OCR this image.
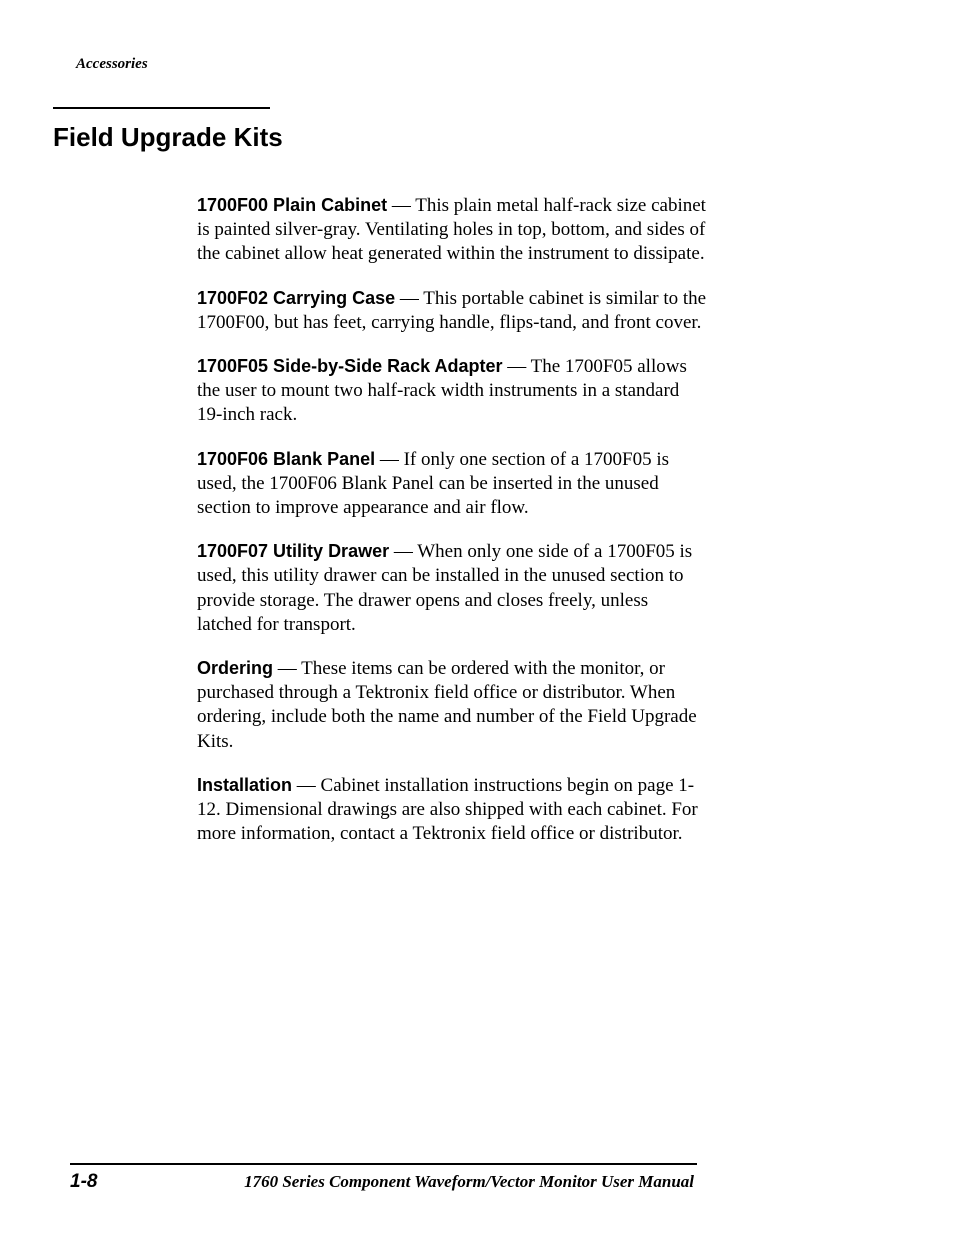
Accessories
Field Upgrade Kits

1700F00 Plain Cabinet — This plain metal half-rack size cabinet is painted silver-gray. Ventilating holes in top, bottom, and sides of the cabinet allow heat generated within the instrument to dissipate.

1700F02 Carrying Case — This portable cabinet is similar to the 1700F00, but has feet, carrying handle, flips-tand, and front cover.

1700F05 Side-by-Side Rack Adapter — The 1700F05 allows the user to mount two half-rack width instruments in a standard 19-inch rack.

1700F06 Blank Panel — If only one section of a 1700F05 is used, the 1700F06 Blank Panel can be inserted in the unused section to improve appearance and air flow.

1700F07 Utility Drawer — When only one side of a 1700F05 is used, this utility drawer can be installed in the unused section to provide storage. The drawer opens and closes freely, unless latched for transport.

Ordering — These items can be ordered with the monitor, or purchased through a Tektronix field office or distributor. When ordering, include both the name and number of the Field Upgrade Kits.

Installation — Cabinet installation instructions begin on page 1-12. Dimensional drawings are also shipped with each cabinet. For more information, contact a Tektronix field office or distributor.

1-8	1760 Series Component Waveform/Vector Monitor User Manual
